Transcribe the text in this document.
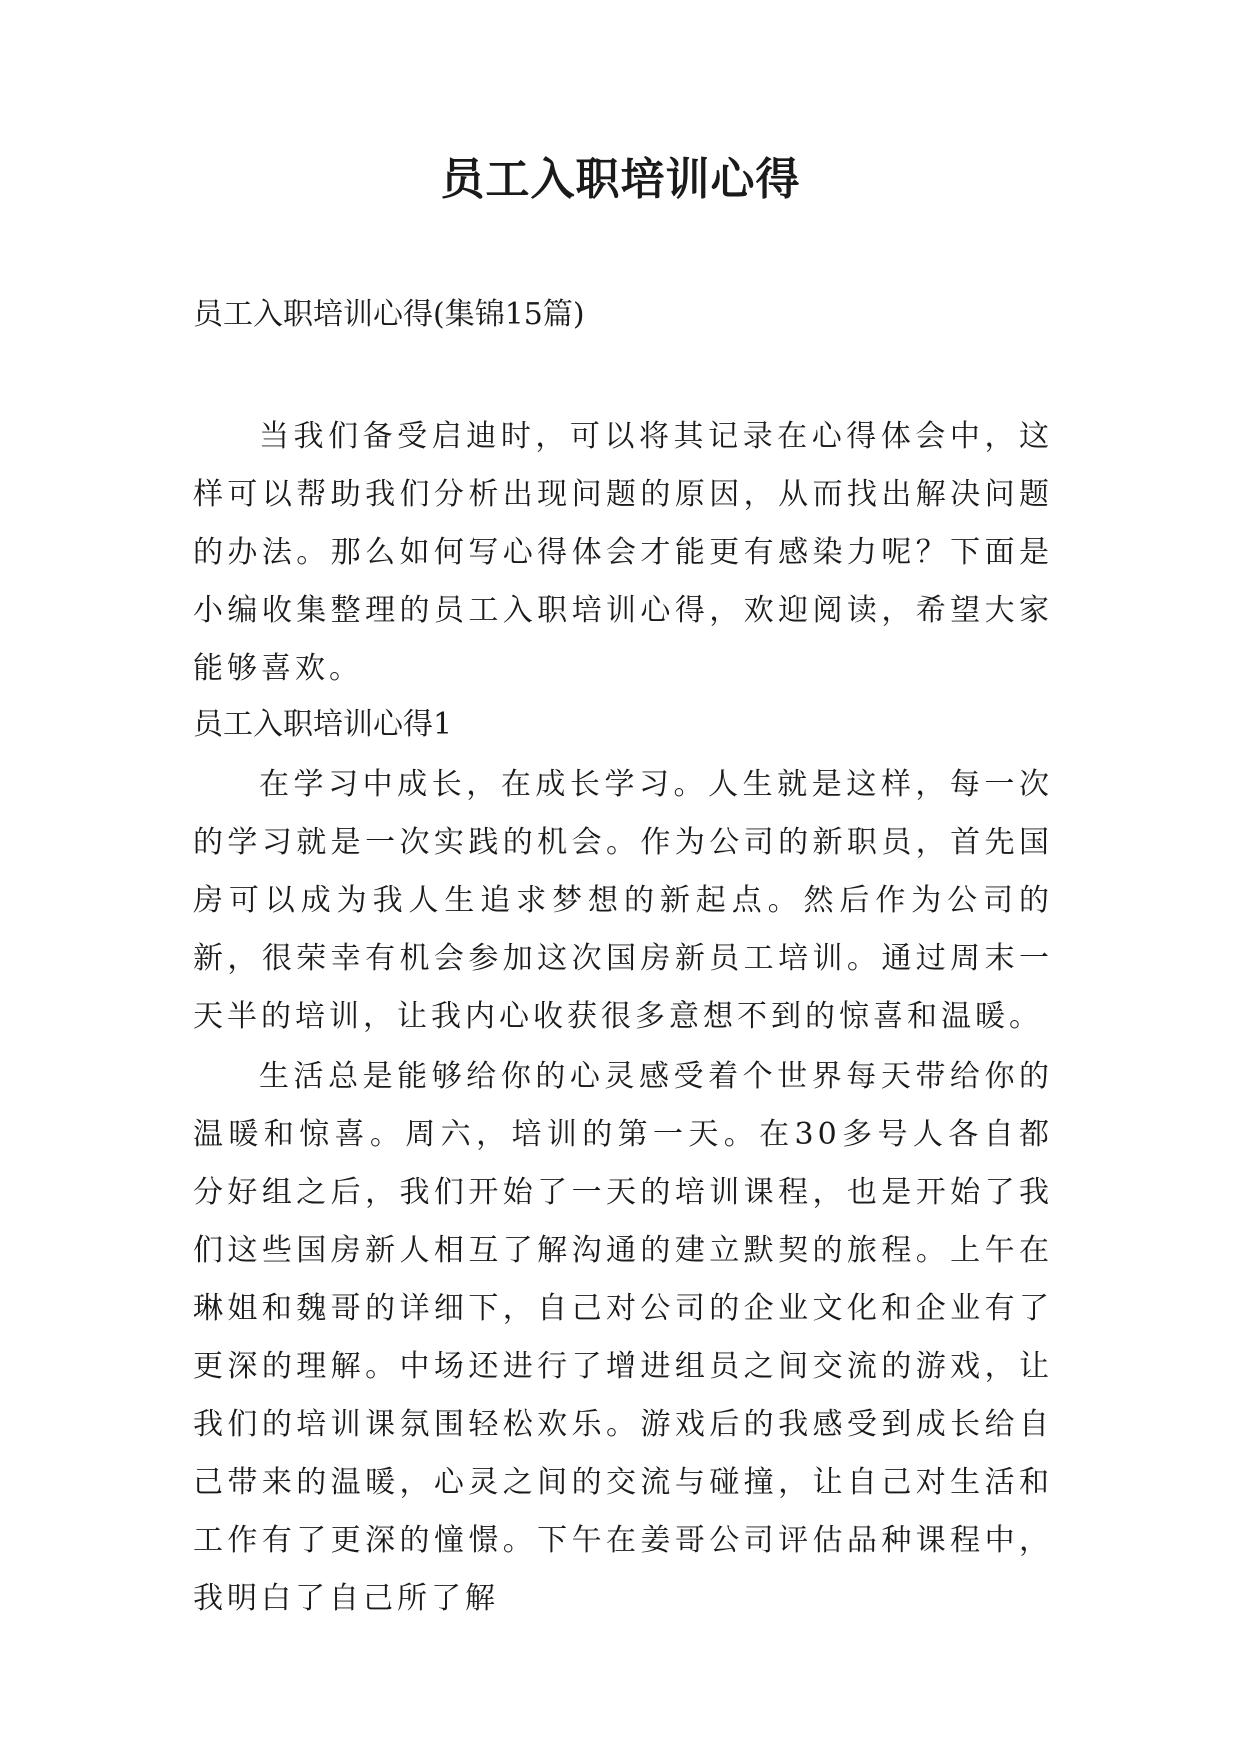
员工入职培训心得

员工入职培训心得(集锦15篇)

当我们备受启迪时，可以将其记录在心得体会中，这样可以帮助我们分析出现问题的原因，从而找出解决问题的办法。那么如何写心得体会才能更有感染力呢？下面是小编收集整理的员工入职培训心得，欢迎阅读，希望大家能够喜欢。

员工入职培训心得1

在学习中成长，在成长学习。人生就是这样，每一次的学习就是一次实践的机会。作为公司的新职员，首先国房可以成为我人生追求梦想的新起点。然后作为公司的新，很荣幸有机会参加这次国房新员工培训。通过周末一天半的培训，让我内心收获很多意想不到的惊喜和温暖。

生活总是能够给你的心灵感受着个世界每天带给你的温暖和惊喜。周六，培训的第一天。在30多号人各自都分好组之后，我们开始了一天的培训课程，也是开始了我们这些国房新人相互了解沟通的建立默契的旅程。上午在琳姐和魏哥的详细下，自己对公司的企业文化和企业有了更深的理解。中场还进行了增进组员之间交流的游戏，让我们的培训课氛围轻松欢乐。游戏后的我感受到成长给自己带来的温暖，心灵之间的交流与碰撞，让自己对生活和工作有了更深的憧憬。下午在姜哥公司评估品种课程中，我明白了自己所了解
